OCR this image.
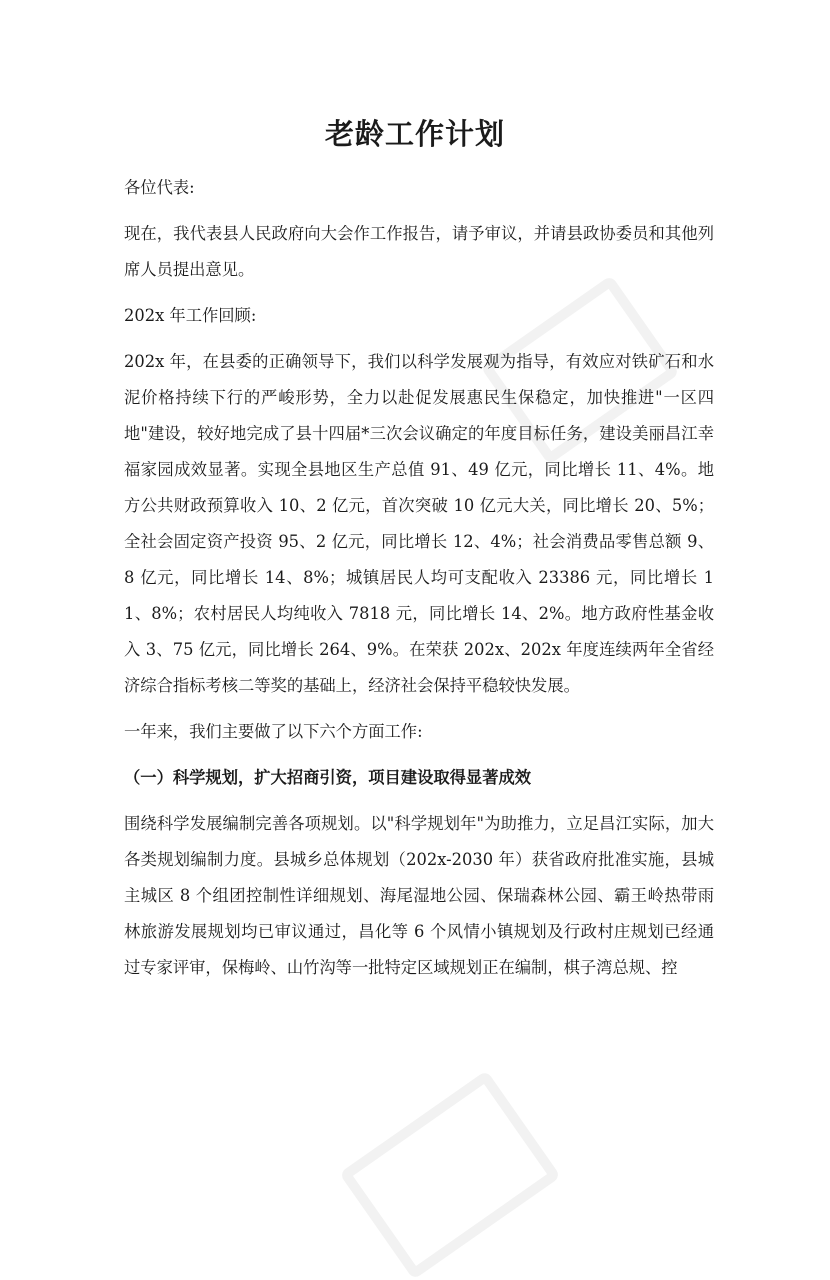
老龄工作计划

各位代表:

现在，我代表县人民政府向大会作工作报告，请予审议，并请县政协委员和其他列席人员提出意见。

202x 年工作回顾:

202x 年，在县委的正确领导下，我们以科学发展观为指导，有效应对铁矿石和水泥价格持续下行的严峻形势，全力以赴促发展惠民生保稳定，加快推进"一区四地"建设，较好地完成了县十四届*三次会议确定的年度目标任务，建设美丽昌江幸福家园成效显著。实现全县地区生产总值 91、49 亿元，同比增长 11、4%。地方公共财政预算收入 10、2 亿元，首次突破 10 亿元大关，同比增长 20、5%；全社会固定资产投资 95、2 亿元，同比增长 12、4%；社会消费品零售总额 9、8 亿元，同比增长 14、8%；城镇居民人均可支配收入 23386 元，同比增长 11、8%；农村居民人均纯收入 7818 元，同比增长 14、2%。地方政府性基金收入 3、75 亿元，同比增长 264、9%。在荣获 202x、202x 年度连续两年全省经济综合指标考核二等奖的基础上，经济社会保持平稳较快发展。

一年来，我们主要做了以下六个方面工作:

（一）科学规划，扩大招商引资，项目建设取得显著成效

围绕科学发展编制完善各项规划。以"科学规划年"为助推力，立足昌江实际，加大各类规划编制力度。县城乡总体规划（202x-2030 年）获省政府批准实施，县城主城区 8 个组团控制性详细规划、海尾湿地公园、保瑞森林公园、霸王岭热带雨林旅游发展规划均已审议通过，昌化等 6 个风情小镇规划及行政村庄规划已经通过专家评审，保梅岭、山竹沟等一批特定区域规划正在编制，棋子湾总规、控
